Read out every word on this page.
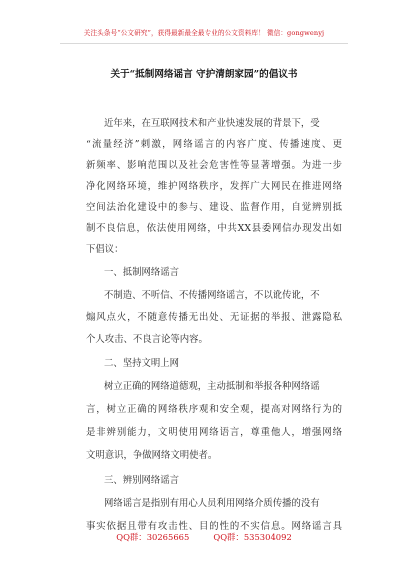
关注头条号“公文研究”，获得最新最全最专业的公文资料库！ 微信：gongwenyj
关于“抵制网络谣言 守护清朗家园”的倡议书
近年来，在互联网技术和产业快速发展的背景下，受
“流量经济”刺激，网络谣言的内容广度、传播速度、更
新频率、影响范围以及社会危害性等显著增强。为进一步
净化网络环境，维护网络秩序，发挥广大网民在推进网络
空间法治化建设中的参与、建设、监督作用，自觉辨别抵
制不良信息，依法使用网络，中共XX县委网信办现发出如
下倡议：
一、抵制网络谣言
不制造、不听信、不传播网络谣言，不以讹传讹，不
煽风点火，不随意传播无出处、无证据的举报、泄露隐私
个人攻击、不良言论等内容。
二、坚持文明上网
树立正确的网络道德观，主动抵制和举报各种网络谣
言，树立正确的网络秩序观和安全观，提高对网络行为的
是非辨别能力，文明使用网络语言，尊重他人，增强网络
文明意识，争做网络文明使者。
三、辨别网络谣言
网络谣言是指别有用心人员利用网络介质传播的没有
事实依据且带有攻击性、目的性的不实信息。网络谣言具
QQ群：30265665	QQ群：535304092
